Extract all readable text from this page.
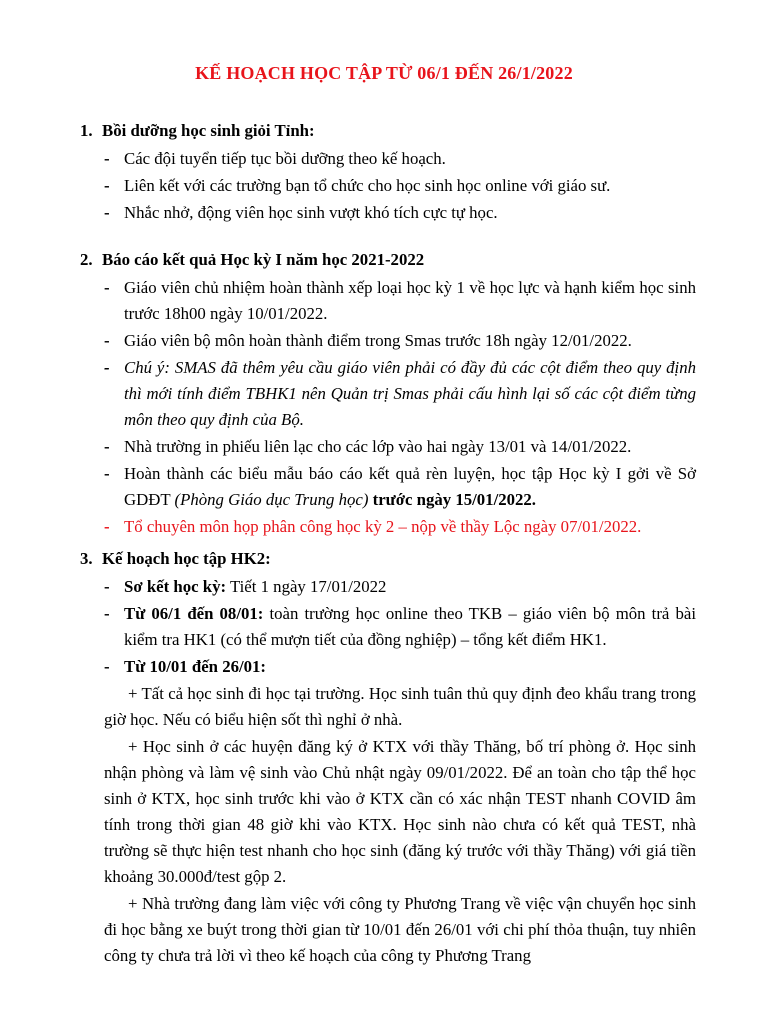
KẾ HOẠCH HỌC TẬP TỪ 06/1 ĐẾN 26/1/2022
1. Bồi dưỡng học sinh giỏi Tỉnh:
- Các đội tuyển tiếp tục bồi dưỡng theo kế hoạch.
- Liên kết với các trường bạn tổ chức cho học sinh học online với giáo sư.
- Nhắc nhở, động viên học sinh vượt khó tích cực tự học.
2. Báo cáo kết quả Học kỳ I năm học 2021-2022
- Giáo viên chủ nhiệm hoàn thành xếp loại học kỳ 1 về học lực và hạnh kiểm học sinh trước 18h00 ngày 10/01/2022.
- Giáo viên bộ môn hoàn thành điểm trong Smas trước 18h ngày 12/01/2022.
- Chú ý: SMAS đã thêm yêu cầu giáo viên phải có đầy đủ các cột điểm theo quy định thì mới tính điểm TBHK1 nên Quản trị Smas phải cấu hình lại số các cột điểm từng môn theo quy định của Bộ.
- Nhà trường in phiếu liên lạc cho các lớp vào hai ngày 13/01 và 14/01/2022.
- Hoàn thành các biểu mẫu báo cáo kết quả rèn luyện, học tập Học kỳ I gởi về Sở GDĐT (Phòng Giáo dục Trung học) trước ngày 15/01/2022.
- Tổ chuyên môn họp phân công học kỳ 2 – nộp về thầy Lộc ngày 07/01/2022.
3. Kế hoạch học tập HK2:
- Sơ kết học kỳ: Tiết 1 ngày 17/01/2022
- Từ 06/1 đến 08/01: toàn trường học online theo TKB – giáo viên bộ môn trả bài kiểm tra HK1 (có thể mượn tiết của đồng nghiệp) – tổng kết điểm HK1.
- Từ 10/01 đến 26/01:
+ Tất cả học sinh đi học tại trường. Học sinh tuân thủ quy định đeo khẩu trang trong giờ học. Nếu có biểu hiện sốt thì nghỉ ở nhà.
+ Học sinh ở các huyện đăng ký ở KTX với thầy Thăng, bố trí phòng ở. Học sinh nhận phòng và làm vệ sinh vào Chủ nhật ngày 09/01/2022. Để an toàn cho tập thể học sinh ở KTX, học sinh trước khi vào ở KTX cần có xác nhận TEST nhanh COVID âm tính trong thời gian 48 giờ khi vào KTX. Học sinh nào chưa có kết quả TEST, nhà trường sẽ thực hiện test nhanh cho học sinh (đăng ký trước với thầy Thăng) với giá tiền khoảng 30.000đ/test gộp 2.
+ Nhà trường đang làm việc với công ty Phương Trang về việc vận chuyển học sinh đi học bằng xe buýt trong thời gian từ 10/01 đến 26/01 với chi phí thỏa thuận, tuy nhiên công ty chưa trả lời vì theo kế hoạch của công ty Phương Trang
